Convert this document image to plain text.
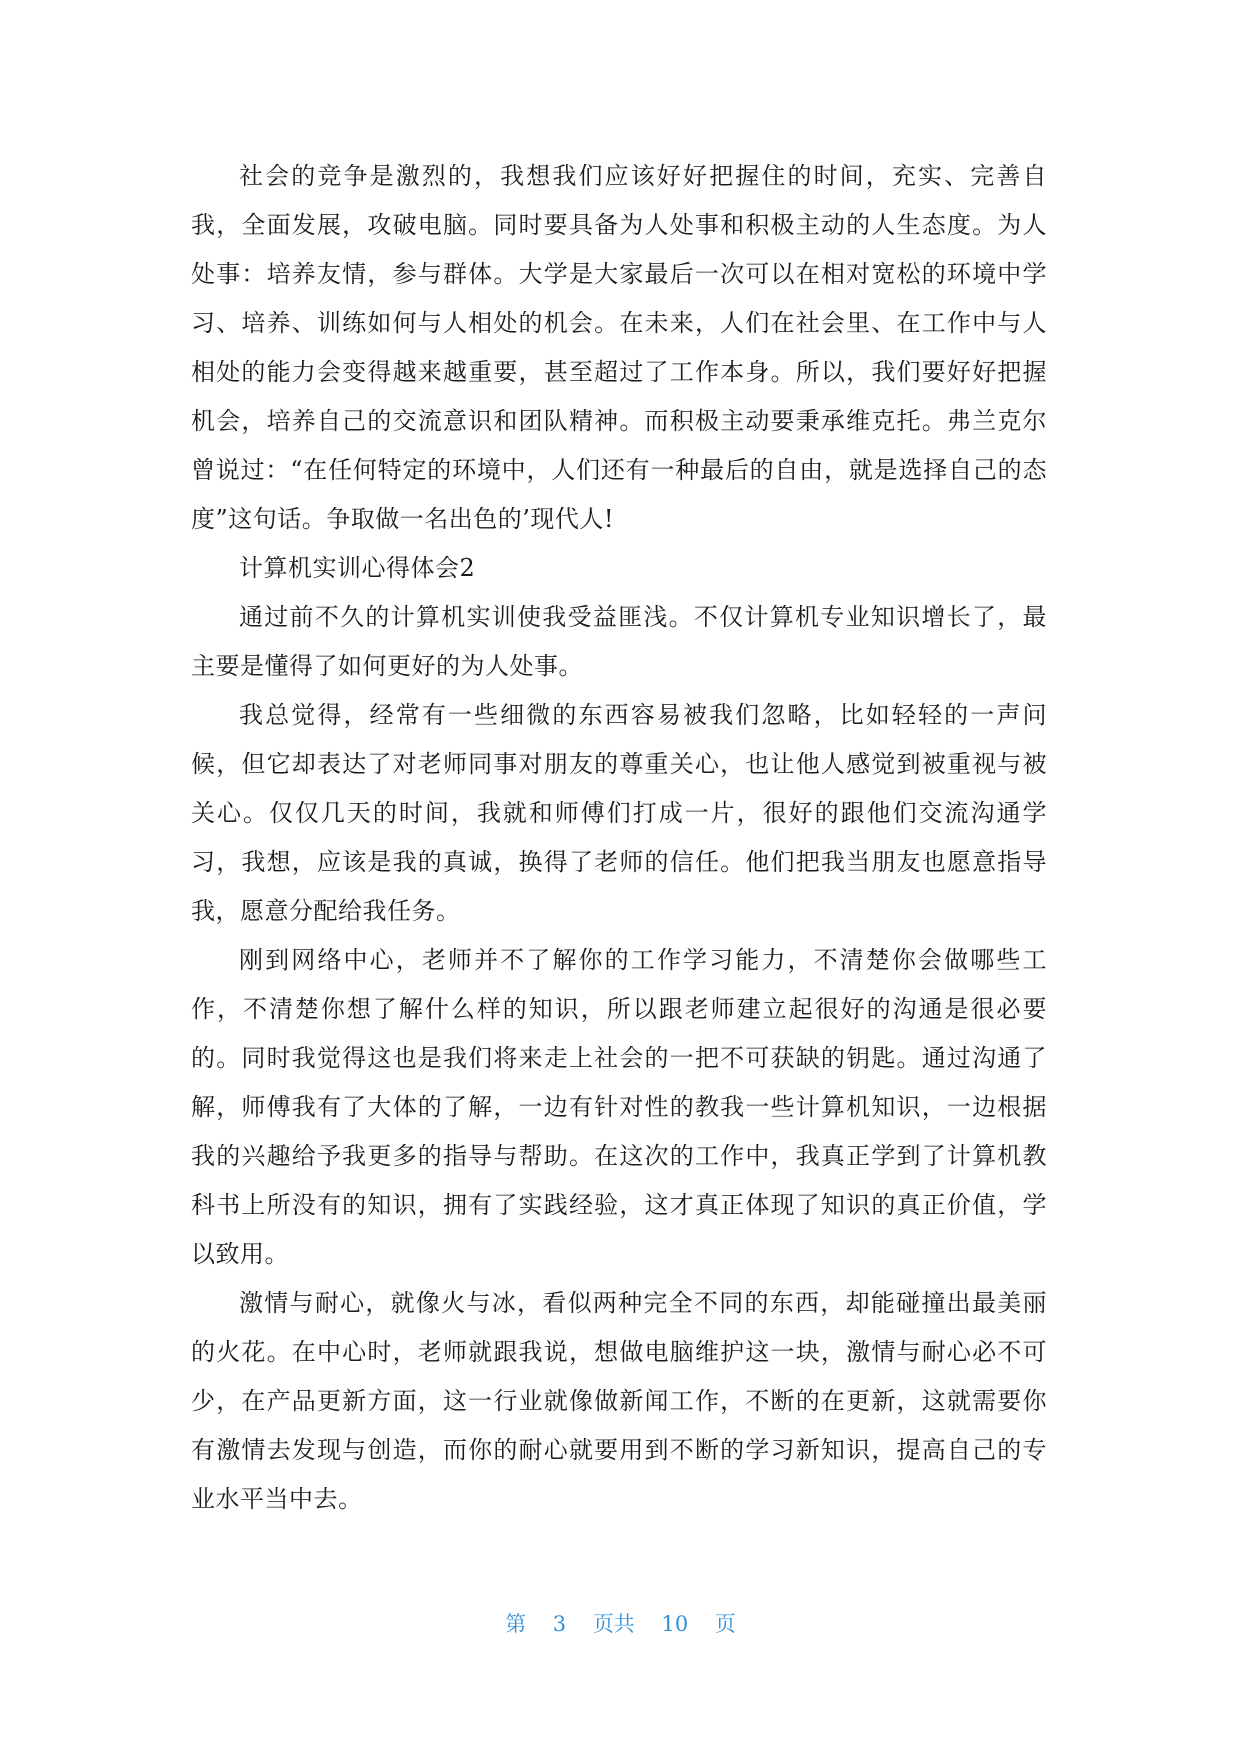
社会的竞争是激烈的，我想我们应该好好把握住的时间，充实、完善自我，全面发展，攻破电脑。同时要具备为人处事和积极主动的人生态度。为人处事：培养友情，参与群体。大学是大家最后一次可以在相对宽松的环境中学习、培养、训练如何与人相处的机会。在未来，人们在社会里、在工作中与人相处的能力会变得越来越重要，甚至超过了工作本身。所以，我们要好好把握机会，培养自己的交流意识和团队精神。而积极主动要秉承维克托。弗兰克尔曾说过：“在任何特定的环境中，人们还有一种最后的自由，就是选择自己的态度”这句话。争取做一名出色的’现代人!

计算机实训心得体会2

通过前不久的计算机实训使我受益匪浅。不仅计算机专业知识增长了，最主要是懂得了如何更好的为人处事。

我总觉得，经常有一些细微的东西容易被我们忽略，比如轻轻的一声问候，但它却表达了对老师同事对朋友的尊重关心，也让他人感觉到被重视与被关心。仅仅几天的时间，我就和师傅们打成一片，很好的跟他们交流沟通学习，我想，应该是我的真诚，换得了老师的信任。他们把我当朋友也愿意指导我，愿意分配给我任务。

刚到网络中心，老师并不了解你的工作学习能力，不清楚你会做哪些工作，不清楚你想了解什么样的知识，所以跟老师建立起很好的沟通是很必要的。同时我觉得这也是我们将来走上社会的一把不可获缺的钥匙。通过沟通了解，师傅我有了大体的了解，一边有针对性的教我一些计算机知识，一边根据我的兴趣给予我更多的指导与帮助。在这次的工作中，我真正学到了计算机教科书上所没有的知识，拥有了实践经验，这才真正体现了知识的真正价值，学以致用。

激情与耐心，就像火与冰，看似两种完全不同的东西，却能碰撞出最美丽的火花。在中心时，老师就跟我说，想做电脑维护这一块，激情与耐心必不可少，在产品更新方面，这一行业就像做新闻工作，不断的在更新，这就需要你有激情去发现与创造，而你的耐心就要用到不断的学习新知识，提高自己的专业水平当中去。

第 3 页共 10 页
